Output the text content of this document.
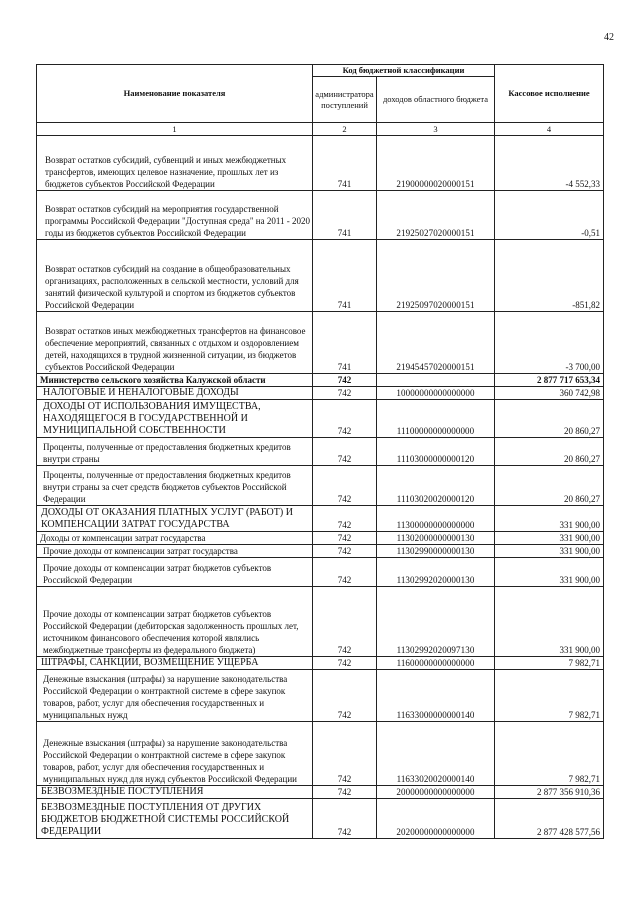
42
Наименование показателя	Код бюджетной классификации		Кассовое исполнение
	администратора поступлений	доходов областного бюджета	
1	2	3	4
Возврат остатков субсидий, субвенций и иных межбюджетных трансфертов, имеющих целевое назначение, прошлых лет из бюджетов субъектов Российской Федерации	741	21900000020000151	-4 552,33
Возврат остатков субсидий на мероприятия государственной программы Российской Федерации "Доступная среда" на 2011 - 2020 годы из бюджетов субъектов Российской Федерации	741	21925027020000151	-0,51
Возврат остатков субсидий на создание в общеобразовательных организациях, расположенных в сельской местности, условий для занятий физической культурой и спортом из бюджетов субъектов Российской Федерации	741	21925097020000151	-851,82
Возврат остатков иных межбюджетных трансфертов на финансовое обеспечение мероприятий, связанных с отдыхом и оздоровлением детей, находящихся в трудной жизненной ситуации, из бюджетов субъектов Российской Федерации	741	21945457020000151	-3 700,00
Министерство сельского хозяйства Калужской области	742		2 877 717 653,34
НАЛОГОВЫЕ И НЕНАЛОГОВЫЕ ДОХОДЫ	742	10000000000000000	360 742,98
ДОХОДЫ ОТ ИСПОЛЬЗОВАНИЯ ИМУЩЕСТВА, НАХОДЯЩЕГОСЯ В ГОСУДАРСТВЕННОЙ И МУНИЦИПАЛЬНОЙ СОБСТВЕННОСТИ	742	11100000000000000	20 860,27
Проценты, полученные от предоставления бюджетных кредитов внутри страны	742	11103000000000120	20 860,27
Проценты, полученные от предоставления бюджетных кредитов внутри страны за счет средств бюджетов субъектов Российской Федерации	742	11103020020000120	20 860,27
ДОХОДЫ ОТ ОКАЗАНИЯ ПЛАТНЫХ УСЛУГ (РАБОТ) И КОМПЕНСАЦИИ ЗАТРАТ ГОСУДАРСТВА	742	11300000000000000	331 900,00
Доходы от компенсации затрат государства	742	11302000000000130	331 900,00
Прочие доходы от компенсации затрат государства	742	11302990000000130	331 900,00
Прочие доходы от компенсации затрат бюджетов субъектов Российской Федерации	742	11302992020000130	331 900,00
Прочие доходы от компенсации затрат бюджетов субъектов Российской Федерации (дебиторская задолженность прошлых лет, источником финансового обеспечения которой являлись межбюджетные трансферты из федерального бюджета)	742	11302992020097130	331 900,00
ШТРАФЫ, САНКЦИИ, ВОЗМЕЩЕНИЕ УЩЕРБА	742	11600000000000000	7 982,71
Денежные взыскания (штрафы) за нарушение законодательства Российской Федерации о контрактной системе в сфере закупок товаров, работ, услуг для обеспечения государственных и муниципальных нужд	742	11633000000000140	7 982,71
Денежные взыскания (штрафы) за нарушение законодательства Российской Федерации о контрактной системе в сфере закупок товаров, работ, услуг для обеспечения государственных и муниципальных нужд для нужд субъектов Российской Федерации	742	11633020020000140	7 982,71
БЕЗВОЗМЕЗДНЫЕ ПОСТУПЛЕНИЯ	742	20000000000000000	2 877 356 910,36
БЕЗВОЗМЕЗДНЫЕ ПОСТУПЛЕНИЯ ОТ ДРУГИХ БЮДЖЕТОВ БЮДЖЕТНОЙ СИСТЕМЫ РОССИЙСКОЙ ФЕДЕРАЦИИ	742	20200000000000000	2 877 428 577,56
